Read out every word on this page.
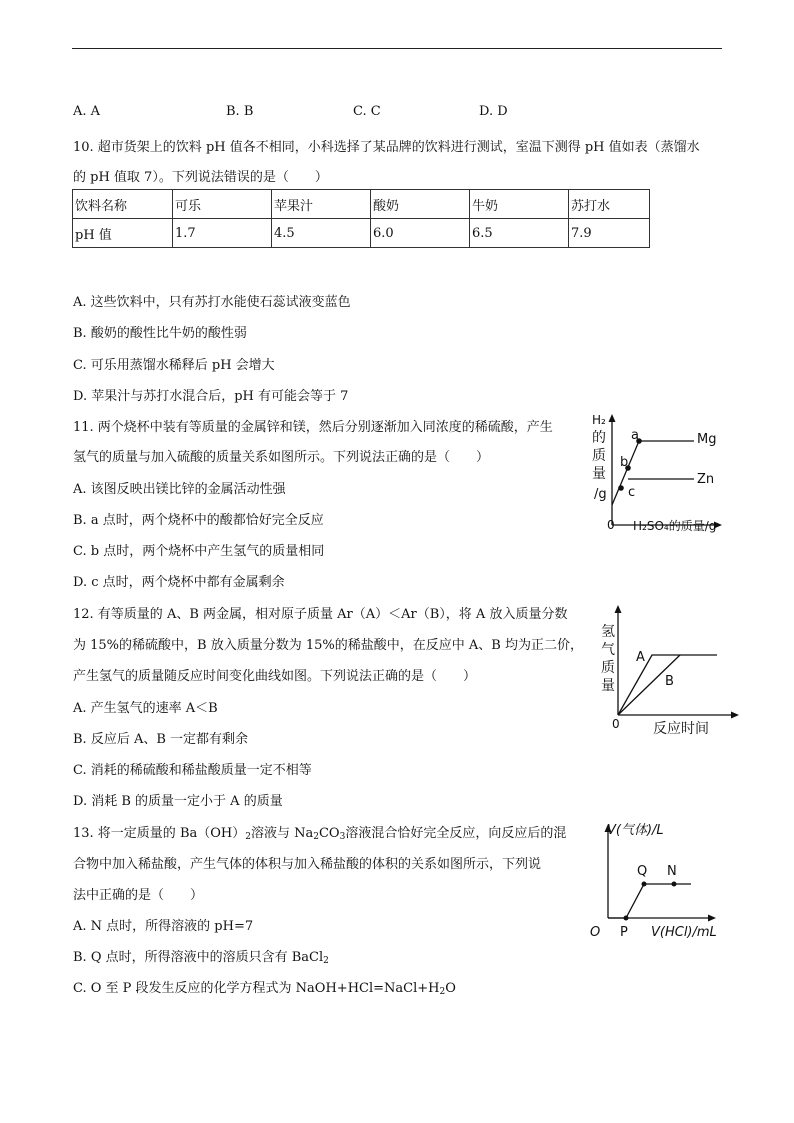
A. A	B. B	C. C	D. D
10. 超市货架上的饮料 pH 值各不相同，小科选择了某品牌的饮料进行测试，室温下测得 pH 值如表（蒸馏水
的 pH 值取 7）。下列说法错误的是（　　）
饮料名称	可乐	苹果汁	酸奶	牛奶	苏打水
pH 值	1.7	4.5	6.0	6.5	7.9
A. 这些饮料中，只有苏打水能使石蕊试液变蓝色
B. 酸奶的酸性比牛奶的酸性弱
C. 可乐用蒸馏水稀释后 pH 会增大
D. 苹果汁与苏打水混合后，pH 有可能会等于 7
11. 两个烧杯中装有等质量的金属锌和镁，然后分别逐渐加入同浓度的稀硫酸，产生
氢气的质量与加入硫酸的质量关系如图所示。下列说法正确的是（　　）
A. 该图反映出镁比锌的金属活动性强
B. a 点时，两个烧杯中的酸都恰好完全反应
C. b 点时，两个烧杯中产生氢气的质量相同
D. c 点时，两个烧杯中都有金属剩余
H₂
的
质
量
/g
a
b
c
Mg
Zn
0 H₂SO₄的质量/g
12. 有等质量的 A、B 两金属，相对原子质量 Ar（A）＜Ar（B），将 A 放入质量分数
为 15%的稀硫酸中，B 放入质量分数为 15%的稀盐酸中，在反应中 A、B 均为正二价，
产生氢气的质量随反应时间变化曲线如图。下列说法正确的是（　　）
A. 产生氢气的速率 A＜B
B. 反应后 A、B 一定都有剩余
C. 消耗的稀硫酸和稀盐酸质量一定不相等
D. 消耗 B 的质量一定小于 A 的质量
氢
气
质
量
A
B
0 反应时间
13. 将一定质量的 $Ba(OH)_2$溶液与 $Na_2CO_3$溶液混合恰好完全反应，向反应后的混
合物中加入稀盐酸，产生气体的体积与加入稀盐酸的体积的关系如图所示，下列说
法中正确的是（　　）
A. N 点时，所得溶液的 pH=7
B. Q 点时，所得溶液中的溶质只含有 BaCl$_2$
C. O 至 P 段发生反应的化学方程式为 $NaOH+HCl=NaCl+H_2O$
V(气体)/L
Q N
O P V(HCl)/mL
